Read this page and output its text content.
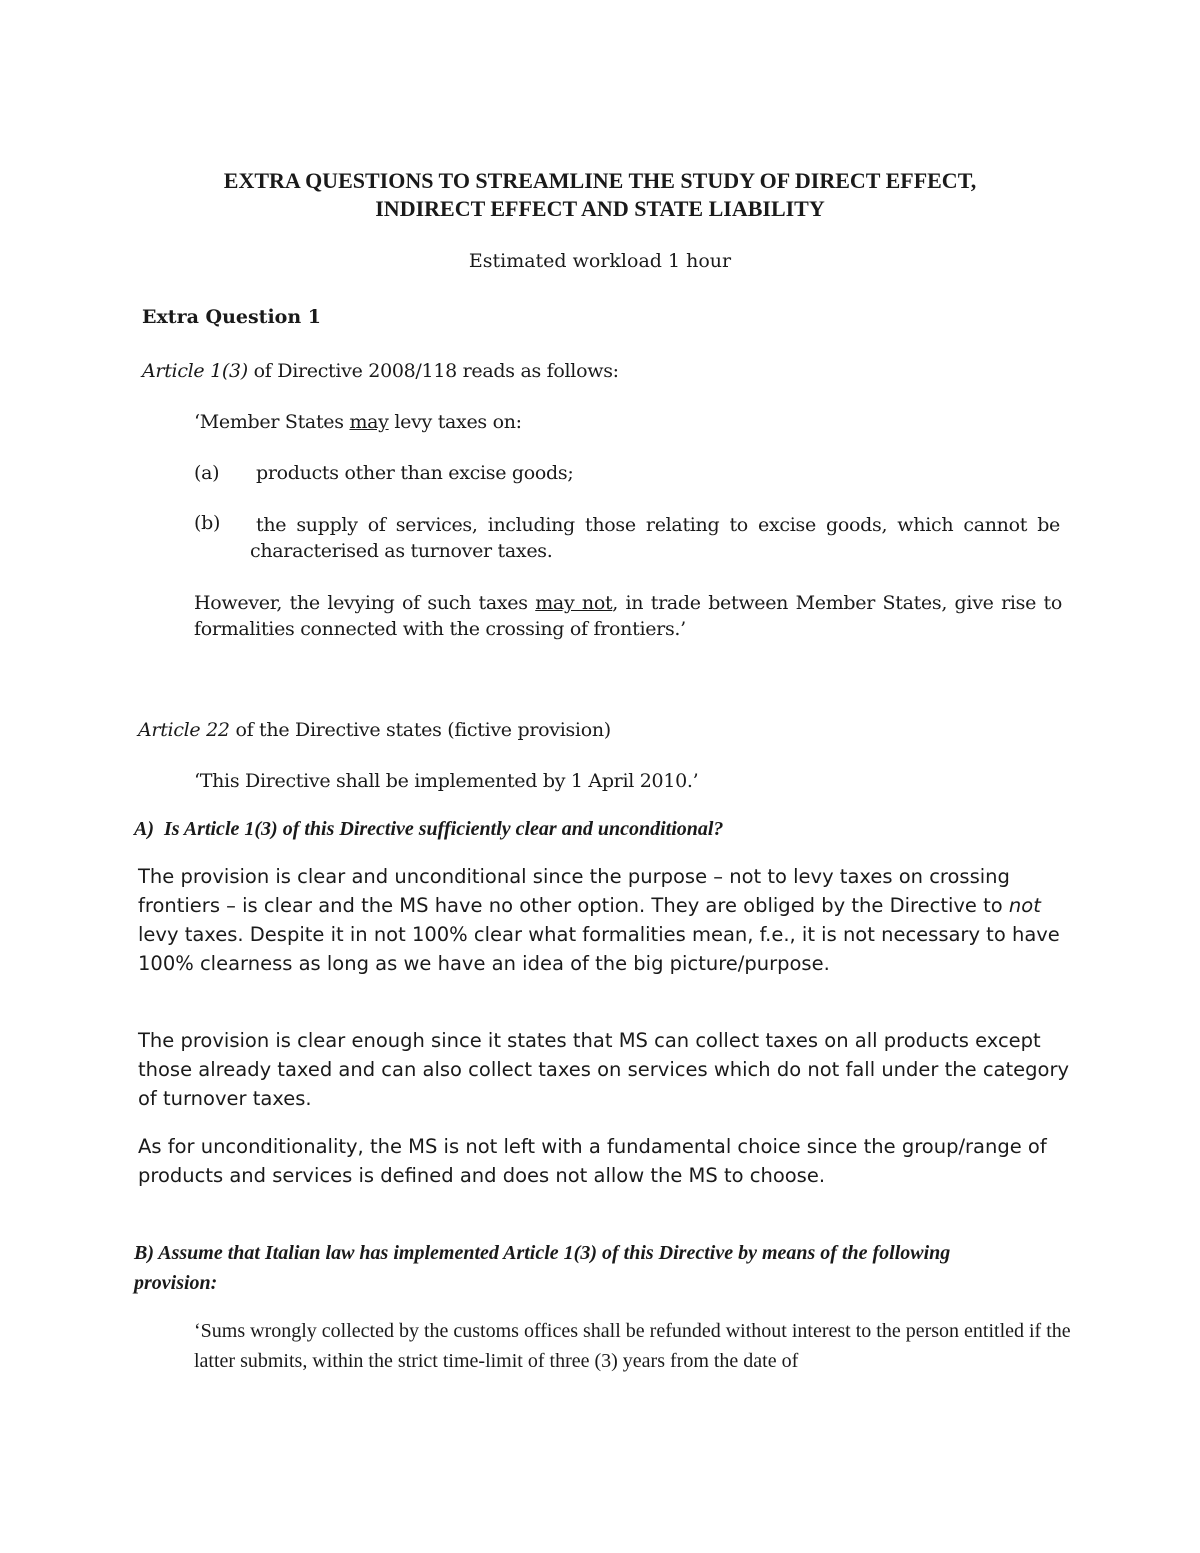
EXTRA QUESTIONS TO STREAMLINE THE STUDY OF DIRECT EFFECT,
INDIRECT EFFECT AND STATE LIABILITY
Estimated workload 1 hour
Extra Question 1
Article 1(3) of Directive 2008/118 reads as follows:
‘Member States may levy taxes on:
(a) products other than excise goods;
(b)	the supply of services, including those relating to excise goods, which cannot be characterised as turnover taxes.
However, the levying of such taxes may not, in trade between Member States, give rise to formalities connected with the crossing of frontiers.’
Article 22 of the Directive states (fictive provision)
‘This Directive shall be implemented by 1 April 2010.’
A) Is Article 1(3) of this Directive sufficiently clear and unconditional?
The provision is clear and unconditional since the purpose – not to levy taxes on crossing frontiers – is clear and the MS have no other option. They are obliged by the Directive to not levy taxes. Despite it in not 100% clear what formalities mean, f.e., it is not necessary to have 100% clearness as long as we have an idea of the big picture/purpose.
The provision is clear enough since it states that MS can collect taxes on all products except those already taxed and can also collect taxes on services which do not fall under the category of turnover taxes.
As for unconditionality, the MS is not left with a fundamental choice since the group/range of products and services is defined and does not allow the MS to choose.
B) Assume that Italian law has implemented Article 1(3) of this Directive by means of the following provision:
‘Sums wrongly collected by the customs offices shall be refunded without interest to the person entitled if the latter submits, within the strict time-limit of three (3) years from the date of
